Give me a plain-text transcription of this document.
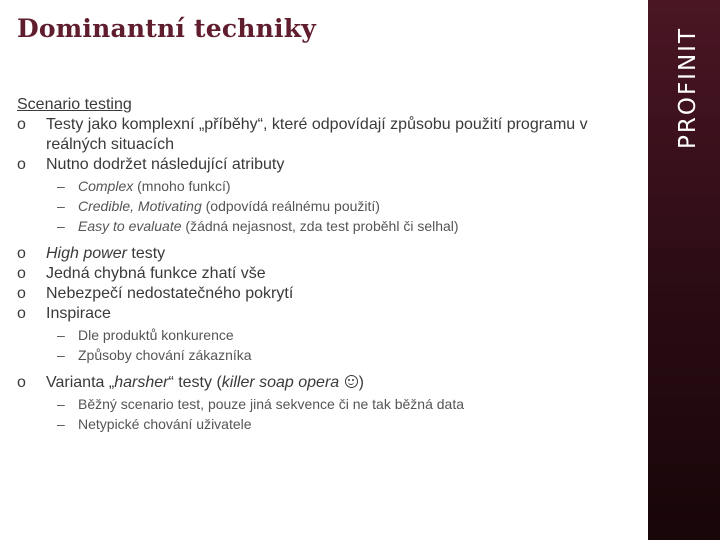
Dominantní techniky	PROFINIT
Scenario testing
o	Testy jako komplexní „příběhy“, které odpovídají způsobu použití programu v reálných situacích
o	Nutno dodržet následující atributy
– Complex (mnoho funkcí)
– Credible, Motivating (odpovídá reálnému použití)
– Easy to evaluate (žádná nejasnost, zda test proběhl či selhal)
o	High power testy
o	Jedná chybná funkce zhatí vše
o	Nebezpečí nedostatečného pokrytí
o	Inspirace
– Dle produktů konkurence
– Způsoby chování zákazníka
o	Varianta „harsher“ testy (killer soap opera )
– Běžný scenario test, pouze jiná sekvence či ne tak běžná data
– Netypické chování uživatele
